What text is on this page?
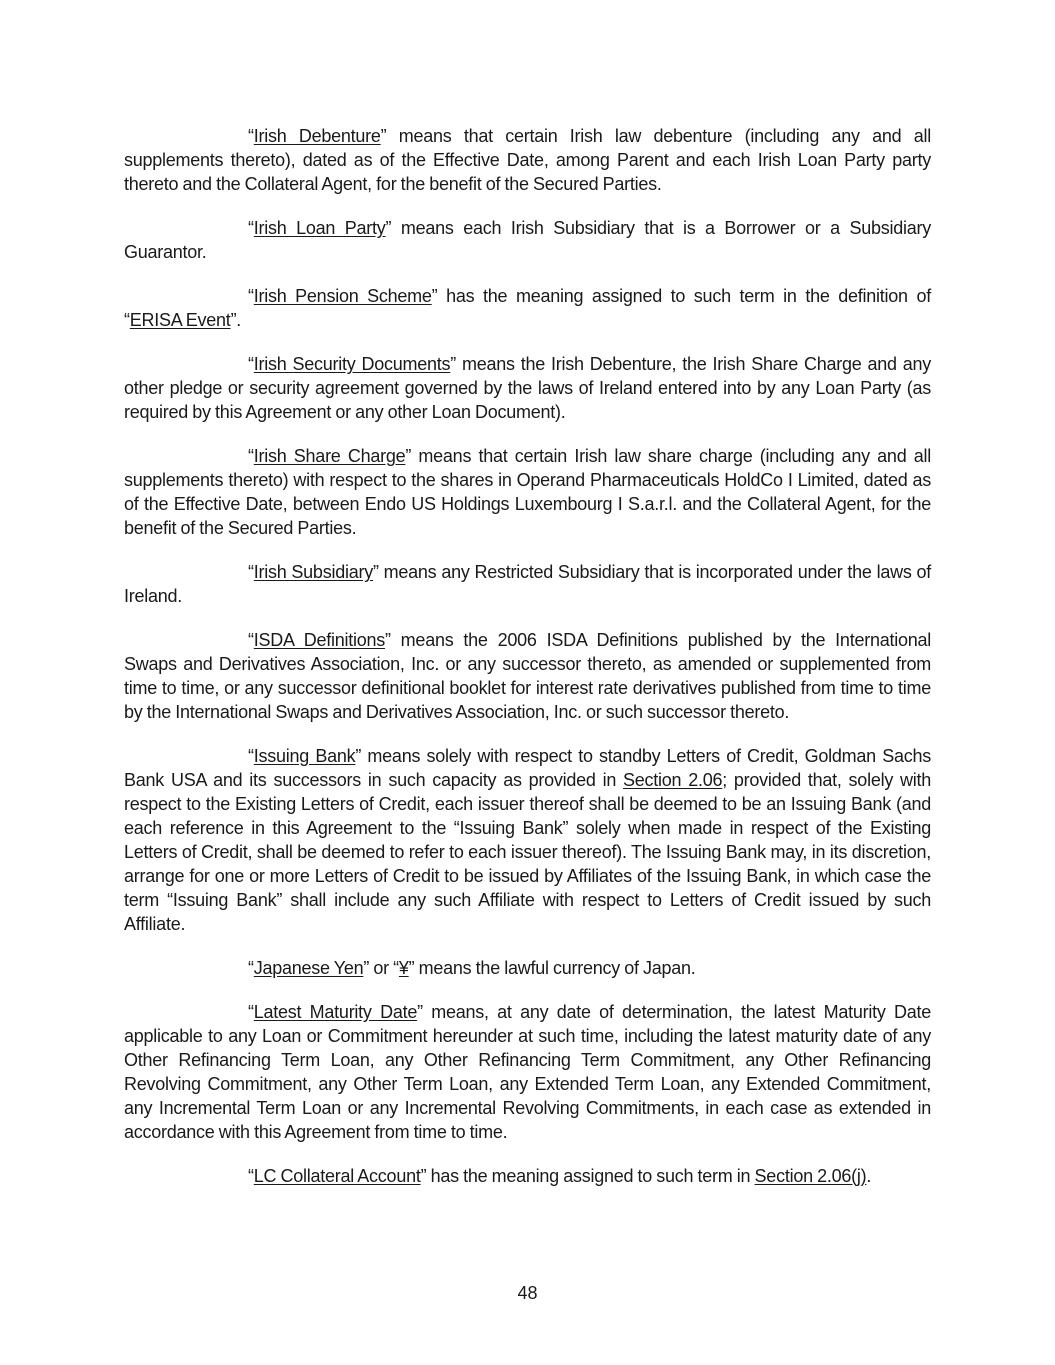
“Irish Debenture” means that certain Irish law debenture (including any and all supplements thereto), dated as of the Effective Date, among Parent and each Irish Loan Party party thereto and the Collateral Agent, for the benefit of the Secured Parties.

“Irish Loan Party” means each Irish Subsidiary that is a Borrower or a Subsidiary Guarantor.

“Irish Pension Scheme” has the meaning assigned to such term in the definition of “ERISA Event”.

“Irish Security Documents” means the Irish Debenture, the Irish Share Charge and any other pledge or security agreement governed by the laws of Ireland entered into by any Loan Party (as required by this Agreement or any other Loan Document).

“Irish Share Charge” means that certain Irish law share charge (including any and all supplements thereto) with respect to the shares in Operand Pharmaceuticals HoldCo I Limited, dated as of the Effective Date, between Endo US Holdings Luxembourg I S.a.r.l. and the Collateral Agent, for the benefit of the Secured Parties.

“Irish Subsidiary” means any Restricted Subsidiary that is incorporated under the laws of Ireland.

“ISDA Definitions” means the 2006 ISDA Definitions published by the International Swaps and Derivatives Association, Inc. or any successor thereto, as amended or supplemented from time to time, or any successor definitional booklet for interest rate derivatives published from time to time by the International Swaps and Derivatives Association, Inc. or such successor thereto.

“Issuing Bank” means solely with respect to standby Letters of Credit, Goldman Sachs Bank USA and its successors in such capacity as provided in Section 2.06; provided that, solely with respect to the Existing Letters of Credit, each issuer thereof shall be deemed to be an Issuing Bank (and each reference in this Agreement to the “Issuing Bank” solely when made in respect of the Existing Letters of Credit, shall be deemed to refer to each issuer thereof). The Issuing Bank may, in its discretion, arrange for one or more Letters of Credit to be issued by Affiliates of the Issuing Bank, in which case the term “Issuing Bank” shall include any such Affiliate with respect to Letters of Credit issued by such Affiliate.

“Japanese Yen” or “¥” means the lawful currency of Japan.

“Latest Maturity Date” means, at any date of determination, the latest Maturity Date applicable to any Loan or Commitment hereunder at such time, including the latest maturity date of any Other Refinancing Term Loan, any Other Refinancing Term Commitment, any Other Refinancing Revolving Commitment, any Other Term Loan, any Extended Term Loan, any Extended Commitment, any Incremental Term Loan or any Incremental Revolving Commitments, in each case as extended in accordance with this Agreement from time to time.

“LC Collateral Account” has the meaning assigned to such term in Section 2.06(j).

48
